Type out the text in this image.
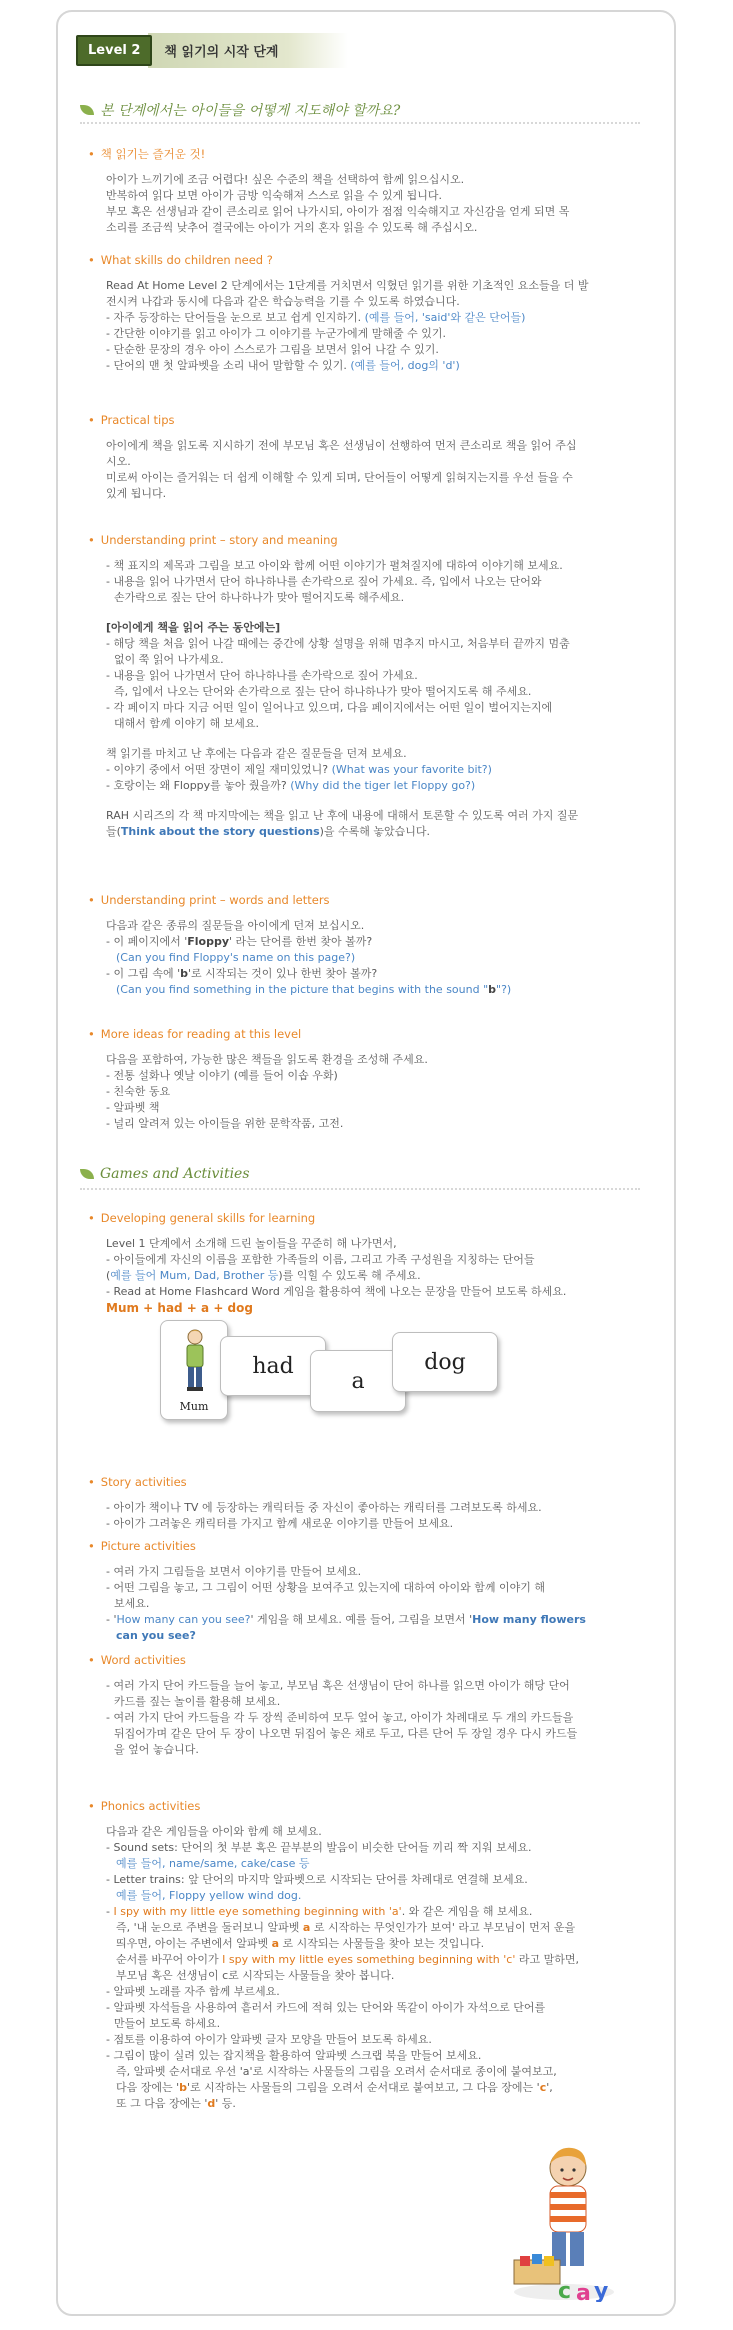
Level 2	책 읽기의 시작 단계
본 단계에서는 아이들을 어떻게 지도해야 할까요?
• 책 읽기는 즐거운 것!

아이가 느끼기에 조금 어렵다! 싶은 수준의 책을 선택하여 함께 읽으십시오.

반복하여 읽다 보면 아이가 금방 익숙해져 스스로 읽을 수 있게 됩니다.

부모 혹은 선생님과 같이 큰소리로 읽어 나가시되, 아이가 점점 익숙해지고 자신감을 얻게 되면 목

소리를 조금씩 낮추어 결국에는 아이가 거의 혼자 읽을 수 있도록 해 주십시오.

• What skills do children need ?

Read At Home Level 2 단계에서는 1단계를 거치면서 익혔던 읽기를 위한 기초적인 요소들을 더 발

전시켜 나갑과 동시에 다음과 같은 학습능력을 기를 수 있도록 하였습니다.

- 자주 등장하는 단어들을 눈으로 보고 쉽게 인지하기. (예를 들어, 'said'와 같은 단어들)

- 간단한 이야기를 읽고 아이가 그 이야기를 누군가에게 말해줄 수 있기.

- 단순한 문장의 경우 아이 스스로가 그림을 보면서 읽어 나갈 수 있기.

- 단어의 맨 첫 알파벳을 소리 내어 말함할 수 있기. (예를 들어, dog의 'd')

• Practical tips

아이에게 책을 읽도록 지시하기 전에 부모님 혹은 선생님이 선행하여 먼저 큰소리로 책을 읽어 주십

시오.

미로써 아이는 즐거워는 더 쉽게 이해할 수 있게 되며, 단어들이 어떻게 읽혀지는지를 우선 들을 수

있게 됩니다.

• Understanding print – story and meaning

- 책 표지의 제목과 그림을 보고 아이와 함께 어떤 이야기가 펼쳐질지에 대하여 이야기해 보세요.

- 내용을 읽어 나가면서 단어 하나하나를 손가락으로 짚어 가세요. 즉, 입에서 나오는 단어와

손가락으로 짚는 단어 하나하나가 맞아 떨어지도록 해주세요.

[아이에게 책을 읽어 주는 동안에는]

- 해당 책을 처음 읽어 나갈 때에는 중간에 상황 설명을 위해 멈추지 마시고, 처음부터 끝까지 멈춤

없이 쭉 읽어 나가세요.

- 내용을 읽어 나가면서 단어 하나하나를 손가락으로 짚어 가세요.

즉, 입에서 나오는 단어와 손가락으로 짚는 단어 하나하나가 맞아 떨어지도록 해 주세요.

- 각 페이지 마다 지금 어떤 일이 일어나고 있으며, 다음 페이지에서는 어떤 일이 벌어지는지에

대해서 함께 이야기 해 보세요.

책 읽기를 마치고 난 후에는 다음과 같은 질문들을 던져 보세요.

- 이야기 중에서 어떤 장면이 제일 재미있었니? (What was your favorite bit?)

- 호랑이는 왜 Floppy를 놓아 줬을까? (Why did the tiger let Floppy go?)

RAH 시리즈의 각 책 마지막에는 책을 읽고 난 후에 내용에 대해서 토론할 수 있도록 여러 가지 질문

들(Think about the story questions)을 수록해 놓았습니다.

• Understanding print – words and letters

다음과 같은 종류의 질문들을 아이에게 던져 보십시오.

- 이 페이지에서 'Floppy' 라는 단어를 한번 찾아 볼까?

(Can you find Floppy's name on this page?)

- 이 그림 속에 'b'로 시작되는 것이 있나 한번 찾아 볼까?

(Can you find something in the picture that begins with the sound "b"?)

• More ideas for reading at this level

다음을 포함하여, 가능한 많은 책들을 읽도록 환경을 조성해 주세요.

- 전통 설화나 옛날 이야기 (예를 들어 이솝 우화)

- 친숙한 동요

- 알파벳 책

- 널리 알려져 있는 아이들을 위한 문학작품, 고전.

Games and Activities
• Developing general skills for learning

Level 1 단계에서 소개해 드린 놀이들을 꾸준히 해 나가면서,

- 아이들에게 자신의 이름을 포함한 가족들의 이름, 그리고 가족 구성원을 지칭하는 단어들

(예를 들어 Mum, Dad, Brother 등)를 익힐 수 있도록 해 주세요.

- Read at Home Flashcard Word 게임을 활용하여 책에 나오는 문장을 만들어 보도록 하세요.

Mum + had + a + dog

Mum
had
a
dog
• Story activities

- 아이가 책이나 TV 에 등장하는 캐릭터들 중 자신이 좋아하는 캐릭터를 그려보도록 하세요.

- 아이가 그려놓은 캐릭터를 가지고 함께 새로운 이야기를 만들어 보세요.

• Picture activities

- 여러 가지 그림들을 보면서 이야기를 만들어 보세요.

- 어떤 그림을 놓고, 그 그림이 어떤 상황을 보여주고 있는지에 대하여 아이와 함께 이야기 해

보세요.

- 'How many can you see?' 게임을 해 보세요. 예를 들어, 그림을 보면서 'How many flowers

can you see?

• Word activities

- 여러 가지 단어 카드들을 늘어 놓고, 부모님 혹은 선생님이 단어 하나를 읽으면 아이가 해당 단어

카드를 짚는 놀이를 활용해 보세요.

- 여러 가지 단어 카드들을 각 두 장씩 준비하여 모두 엎어 놓고, 아이가 차례대로 두 개의 카드들을

뒤집어가며 같은 단어 두 장이 나오면 뒤집어 놓은 채로 두고, 다른 단어 두 장일 경우 다시 카드들

을 엎어 놓습니다.

• Phonics activities

다음과 같은 게임들을 아이와 함께 해 보세요.

- Sound sets: 단어의 첫 부분 혹은 끝부분의 발음이 비슷한 단어들 끼리 짝 지워 보세요.

예를 들어, name/same, cake/case 등

- Letter trains: 앞 단어의 마지막 알파벳으로 시작되는 단어를 차례대로 연결해 보세요.

예를 들어, Floppy yellow wind dog.

- I spy with my little eye something beginning with 'a'. 와 같은 게임을 해 보세요.

즉, '내 눈으로 주변을 둘러보니 알파벳 a 로 시작하는 무엇인가가 보여' 라고 부모님이 먼저 운을

띄우면, 아이는 주변에서 알파벳 a 로 시작되는 사물들을 찾아 보는 것입니다.

순서를 바꾸어 아이가 I spy with my little eyes something beginning with 'c' 라고 말하면,

부모님 혹은 선생님이 c로 시작되는 사물들을 찾아 봅니다.

- 알파벳 노래를 자주 함께 부르세요.

- 알파벳 자석들을 사용하여 흩러서 카드에 적혀 있는 단어와 똑같이 아이가 자석으로 단어를

만들어 보도록 하세요.

- 점토를 이용하여 아이가 알파벳 글자 모양을 만들어 보도록 하세요.

- 그림이 많이 실려 있는 잡지책을 활용하여 알파벳 스크랩 북을 만들어 보세요.

즉, 알파벳 순서대로 우선 'a'로 시작하는 사물들의 그림을 오려서 순서대로 종이에 붙여보고,

다음 장에는 'b'로 시작하는 사물들의 그림을 오려서 순서대로 붙여보고, 그 다음 장에는 'c',

또 그 다음 장에는 'd' 등.

c a y
